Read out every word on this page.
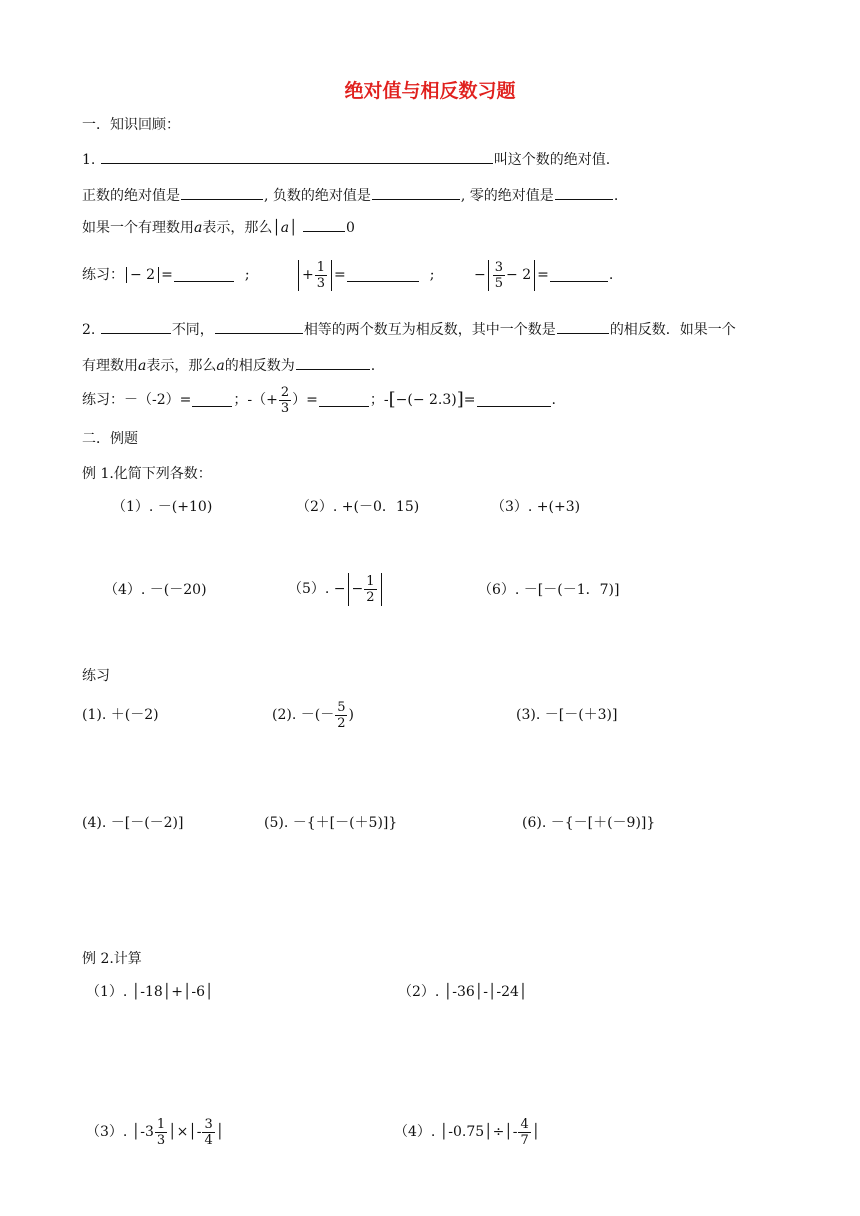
绝对值与相反数习题
一．知识回顾：
1.	叫这个数的绝对值.
正数的绝对值是	, 负数的绝对值是	, 零的绝对值是	.
如果一个有理数用a表示，那么│a│	0
练习： − 2 =	;	+ $\frac{1}{3}$ =	;	− $\frac{3}{5} - 2$ =	.
2.	不同，	相等的两个数互为相反数，其中一个数是	的相反数．如果一个
有理数用a表示，那么a的相反数为	.
练习： －（-2）=	；-（ + $\frac{2}{3}$ ）=	；- [ −(− 2.3) ] =	.
二．例题
例 1.化简下列各数：
（1）. －(+10)	（2）. +(－0．15)	（3）. +(+3)
（4）. －(－20)	（5）. − − $\frac{1}{2}$	（6）. －[－(－1．7)]
练习
(1). ＋(－2)	(2). －(－ $\frac{5}{2}$ )	(3). －[－(＋3)]
(4). －[－(－2)]	(5). －{＋[－(＋5)]}	(6). －{－[＋(－9)]}
例 2.计算
（1）. │-18│+│-6│	（2）. │-36│-│-24│
（3）. │-3 $\frac{1}{3}$ │×│- $\frac{3}{4}$ │	（4）. │-0.75│÷│- $\frac{4}{7}$ │
